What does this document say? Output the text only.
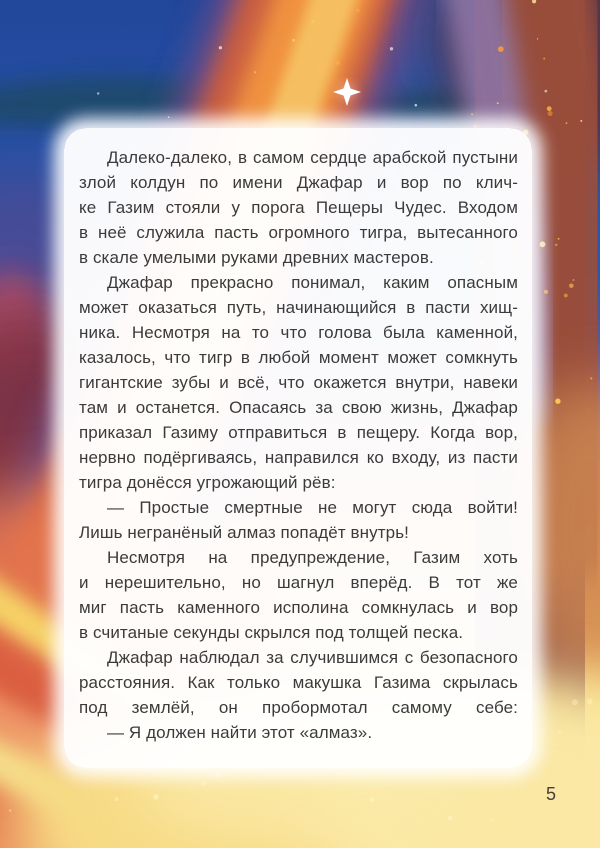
Далеко-далеко, в самом сердце арабской пустыни
злой колдун по имени Джафар и вор по клич-
ке Газим стояли у порога Пещеры Чудес. Входом
в неё служила пасть огромного тигра, вытесанного
в скале умелыми руками древних мастеров.
Джафар прекрасно понимал, каким опасным
может оказаться путь, начинающийся в пасти хищ-
ника. Несмотря на то что голова была каменной,
казалось, что тигр в любой момент может сомкнуть
гигантские зубы и всё, что окажется внутри, навеки
там и останется. Опасаясь за свою жизнь, Джафар
приказал Газиму отправиться в пещеру. Когда вор,
нервно подёргиваясь, направился ко входу, из пасти
тигра донёсся угрожающий рёв:
— Простые смертные не могут сюда войти!
Лишь негранёный алмаз попадёт внутрь!
Несмотря на предупреждение, Газим хоть
и нерешительно, но шагнул вперёд. В тот же
миг пасть каменного исполина сомкнулась и вор
в считаные секунды скрылся под толщей песка.
Джафар наблюдал за случившимся с безопасного
расстояния. Как только макушка Газима скрылась
под землёй, он пробормотал самому себе:
— Я должен найти этот «алмаз».
5
